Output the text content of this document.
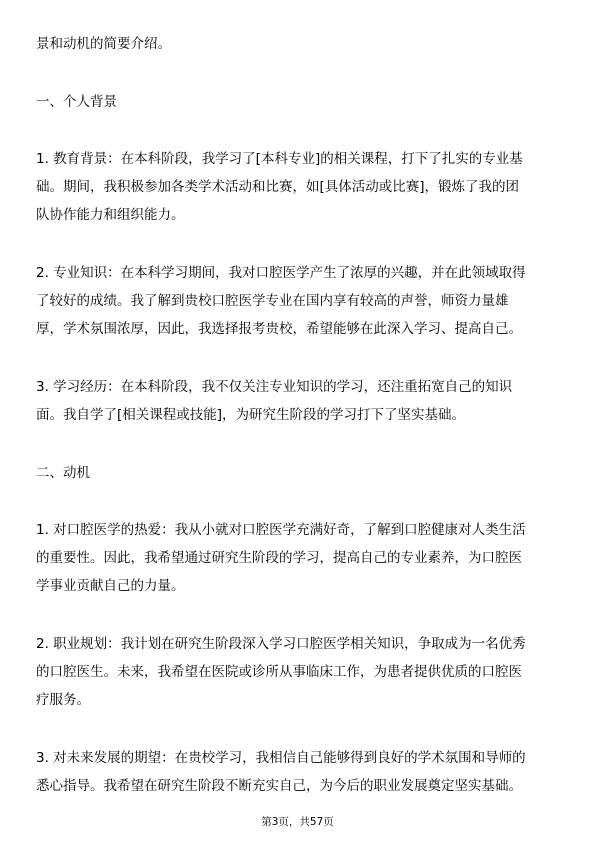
景和动机的简要介绍。

一、个人背景

1. 教育背景：在本科阶段，我学习了[本科专业]的相关课程，打下了扎实的专业基

础。期间，我积极参加各类学术活动和比赛，如[具体活动或比赛]，锻炼了我的团

队协作能力和组织能力。

2. 专业知识：在本科学习期间，我对口腔医学产生了浓厚的兴趣，并在此领域取得

了较好的成绩。我了解到贵校口腔医学专业在国内享有较高的声誉，师资力量雄

厚，学术氛围浓厚，因此，我选择报考贵校，希望能够在此深入学习、提高自己。

3. 学习经历：在本科阶段，我不仅关注专业知识的学习，还注重拓宽自己的知识

面。我自学了[相关课程或技能]，为研究生阶段的学习打下了坚实基础。

二、动机

1. 对口腔医学的热爱：我从小就对口腔医学充满好奇，了解到口腔健康对人类生活

的重要性。因此，我希望通过研究生阶段的学习，提高自己的专业素养，为口腔医

学事业贡献自己的力量。

2. 职业规划：我计划在研究生阶段深入学习口腔医学相关知识，争取成为一名优秀

的口腔医生。未来，我希望在医院或诊所从事临床工作，为患者提供优质的口腔医

疗服务。

3. 对未来发展的期望：在贵校学习，我相信自己能够得到良好的学术氛围和导师的

悉心指导。我希望在研究生阶段不断充实自己，为今后的职业发展奠定坚实基础。

第3页，共57页
